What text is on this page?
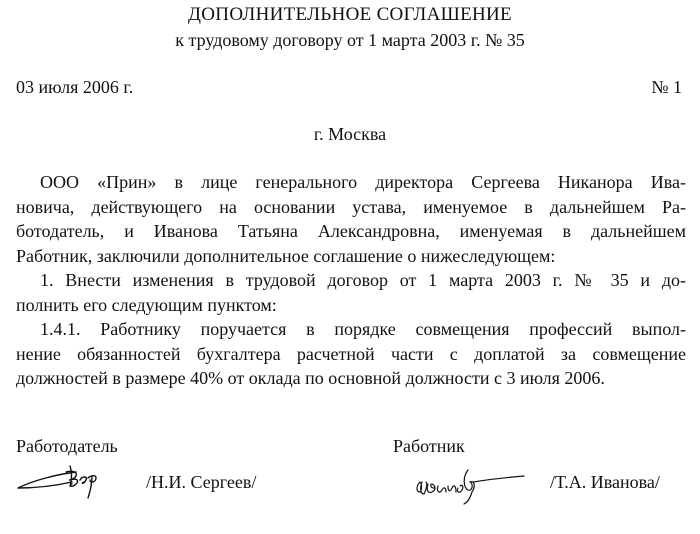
ДОПОЛНИТЕЛЬНОЕ СОГЛАШЕНИЕ
к трудовому договору от 1 марта 2003 г. № 35
03 июля 2006 г.	№ 1
г. Москва
ООО «Прин» в лице генерального директора Сергеева Никанора Ива-
новича, действующего на основании устава, именуемое в дальнейшем Ра-
ботодатель, и Иванова Татьяна Александровна, именуемая в дальнейшем
Работник, заключили дополнительное соглашение о нижеследующем:
1. Внести изменения в трудовой договор от 1 марта 2003 г. № 35 и до-
полнить его следующим пунктом:
1.4.1. Работнику поручается в порядке совмещения профессий выпол-
нение обязанностей бухгалтера расчетной части с доплатой за совмещение
должностей в размере 40% от оклада по основной должности с 3 июля 2006.
Работодатель	Работник
/Н.И. Сергеев/	/Т.А. Иванова/
